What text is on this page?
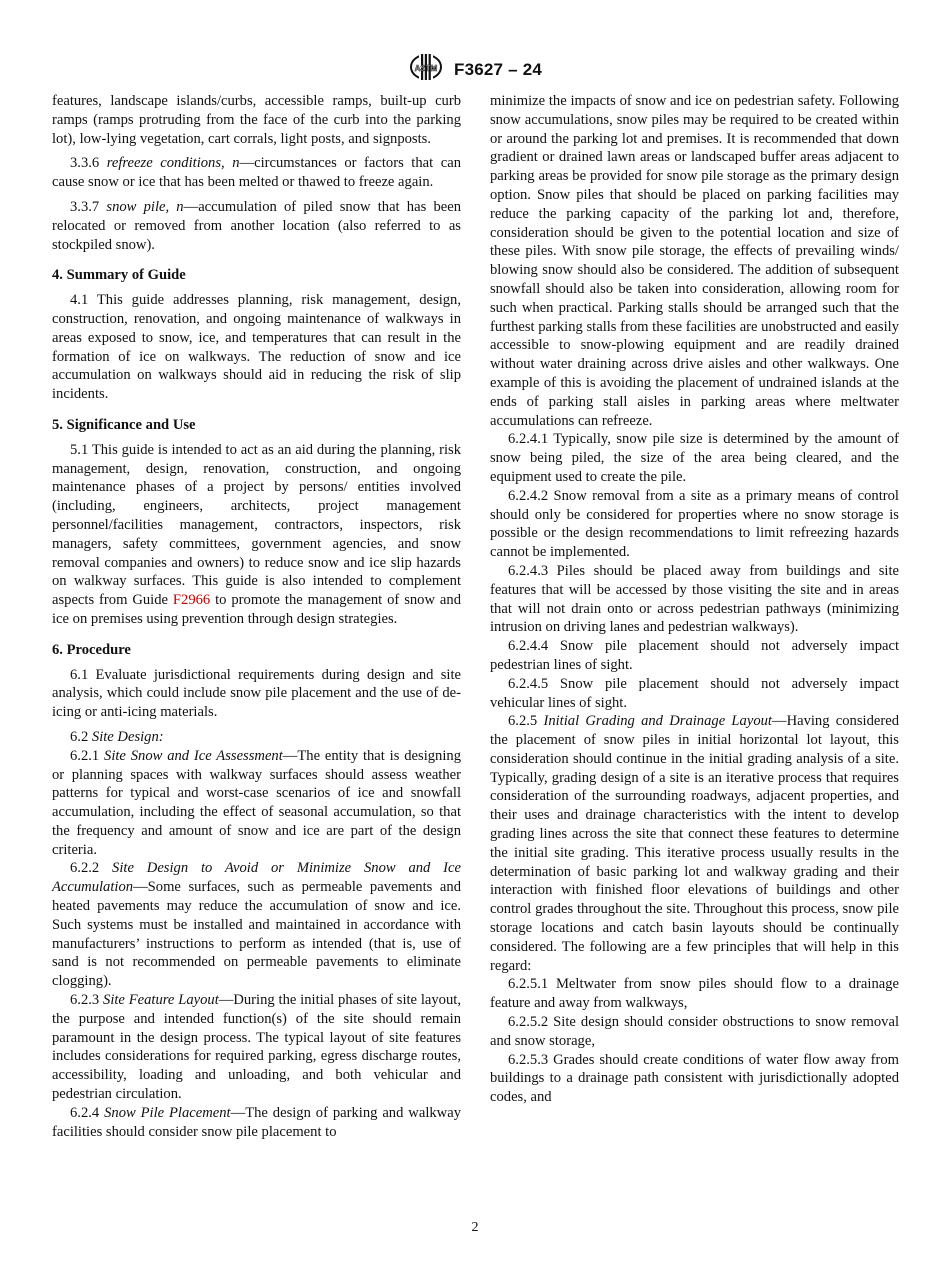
ASTM F3627 – 24

features, landscape islands/curbs, accessible ramps, built-up curb ramps (ramps protruding from the face of the curb into the parking lot), low-lying vegetation, cart corrals, light posts, and signposts.

3.3.6 refreeze conditions, n—circumstances or factors that can cause snow or ice that has been melted or thawed to freeze again.

3.3.7 snow pile, n—accumulation of piled snow that has been relocated or removed from another location (also referred to as stockpiled snow).

4. Summary of Guide

4.1 This guide addresses planning, risk management, design, construction, renovation, and ongoing maintenance of walkways in areas exposed to snow, ice, and temperatures that can result in the formation of ice on walkways. The reduction of snow and ice accumulation on walkways should aid in reducing the risk of slip incidents.

5. Significance and Use

5.1 This guide is intended to act as an aid during the planning, risk management, design, renovation, construction, and ongoing maintenance phases of a project by persons/ entities involved (including, engineers, architects, project management personnel/facilities management, contractors, inspectors, risk managers, safety committees, government agencies, and snow removal companies and owners) to reduce snow and ice slip hazards on walkway surfaces. This guide is also intended to complement aspects from Guide F2966 to promote the management of snow and ice on premises using prevention through design strategies.

6. Procedure

6.1 Evaluate jurisdictional requirements during design and site analysis, which could include snow pile placement and the use of de-icing or anti-icing materials.

6.2 Site Design:

6.2.1 Site Snow and Ice Assessment—The entity that is designing or planning spaces with walkway surfaces should assess weather patterns for typical and worst-case scenarios of ice and snowfall accumulation, including the effect of seasonal accumulation, so that the frequency and amount of snow and ice are part of the design criteria.

6.2.2 Site Design to Avoid or Minimize Snow and Ice Accumulation—Some surfaces, such as permeable pavements and heated pavements may reduce the accumulation of snow and ice. Such systems must be installed and maintained in accordance with manufacturers’ instructions to perform as intended (that is, use of sand is not recommended on permeable pavements to eliminate clogging).

6.2.3 Site Feature Layout—During the initial phases of site layout, the purpose and intended function(s) of the site should remain paramount in the design process. The typical layout of site features includes considerations for required parking, egress discharge routes, accessibility, loading and unloading, and both vehicular and pedestrian circulation.

6.2.4 Snow Pile Placement—The design of parking and walkway facilities should consider snow pile placement to

minimize the impacts of snow and ice on pedestrian safety. Following snow accumulations, snow piles may be required to be created within or around the parking lot and premises. It is recommended that down gradient or drained lawn areas or landscaped buffer areas adjacent to parking areas be provided for snow pile storage as the primary design option. Snow piles that should be placed on parking facilities may reduce the parking capacity of the parking lot and, therefore, consideration should be given to the potential location and size of these piles. With snow pile storage, the effects of prevailing winds/ blowing snow should also be considered. The addition of subsequent snowfall should also be taken into consideration, allowing room for such when practical. Parking stalls should be arranged such that the furthest parking stalls from these facilities are unobstructed and easily accessible to snow-plowing equipment and are readily drained without water draining across drive aisles and other walkways. One example of this is avoiding the placement of undrained islands at the ends of parking stall aisles in parking areas where meltwater accumulations can refreeze.

6.2.4.1 Typically, snow pile size is determined by the amount of snow being piled, the size of the area being cleared, and the equipment used to create the pile.

6.2.4.2 Snow removal from a site as a primary means of control should only be considered for properties where no snow storage is possible or the design recommendations to limit refreezing hazards cannot be implemented.

6.2.4.3 Piles should be placed away from buildings and site features that will be accessed by those visiting the site and in areas that will not drain onto or across pedestrian pathways (minimizing intrusion on driving lanes and pedestrian walkways).

6.2.4.4 Snow pile placement should not adversely impact pedestrian lines of sight.

6.2.4.5 Snow pile placement should not adversely impact vehicular lines of sight.

6.2.5 Initial Grading and Drainage Layout—Having considered the placement of snow piles in initial horizontal lot layout, this consideration should continue in the initial grading analysis of a site. Typically, grading design of a site is an iterative process that requires consideration of the surrounding roadways, adjacent properties, and their uses and drainage characteristics with the intent to develop grading lines across the site that connect these features to determine the initial site grading. This iterative process usually results in the determination of basic parking lot and walkway grading and their interaction with finished floor elevations of buildings and other control grades throughout the site. Throughout this process, snow pile storage locations and catch basin layouts should be continually considered. The following are a few principles that will help in this regard:

6.2.5.1 Meltwater from snow piles should flow to a drainage feature and away from walkways,

6.2.5.2 Site design should consider obstructions to snow removal and snow storage,

6.2.5.3 Grades should create conditions of water flow away from buildings to a drainage path consistent with jurisdictionally adopted codes, and

2
